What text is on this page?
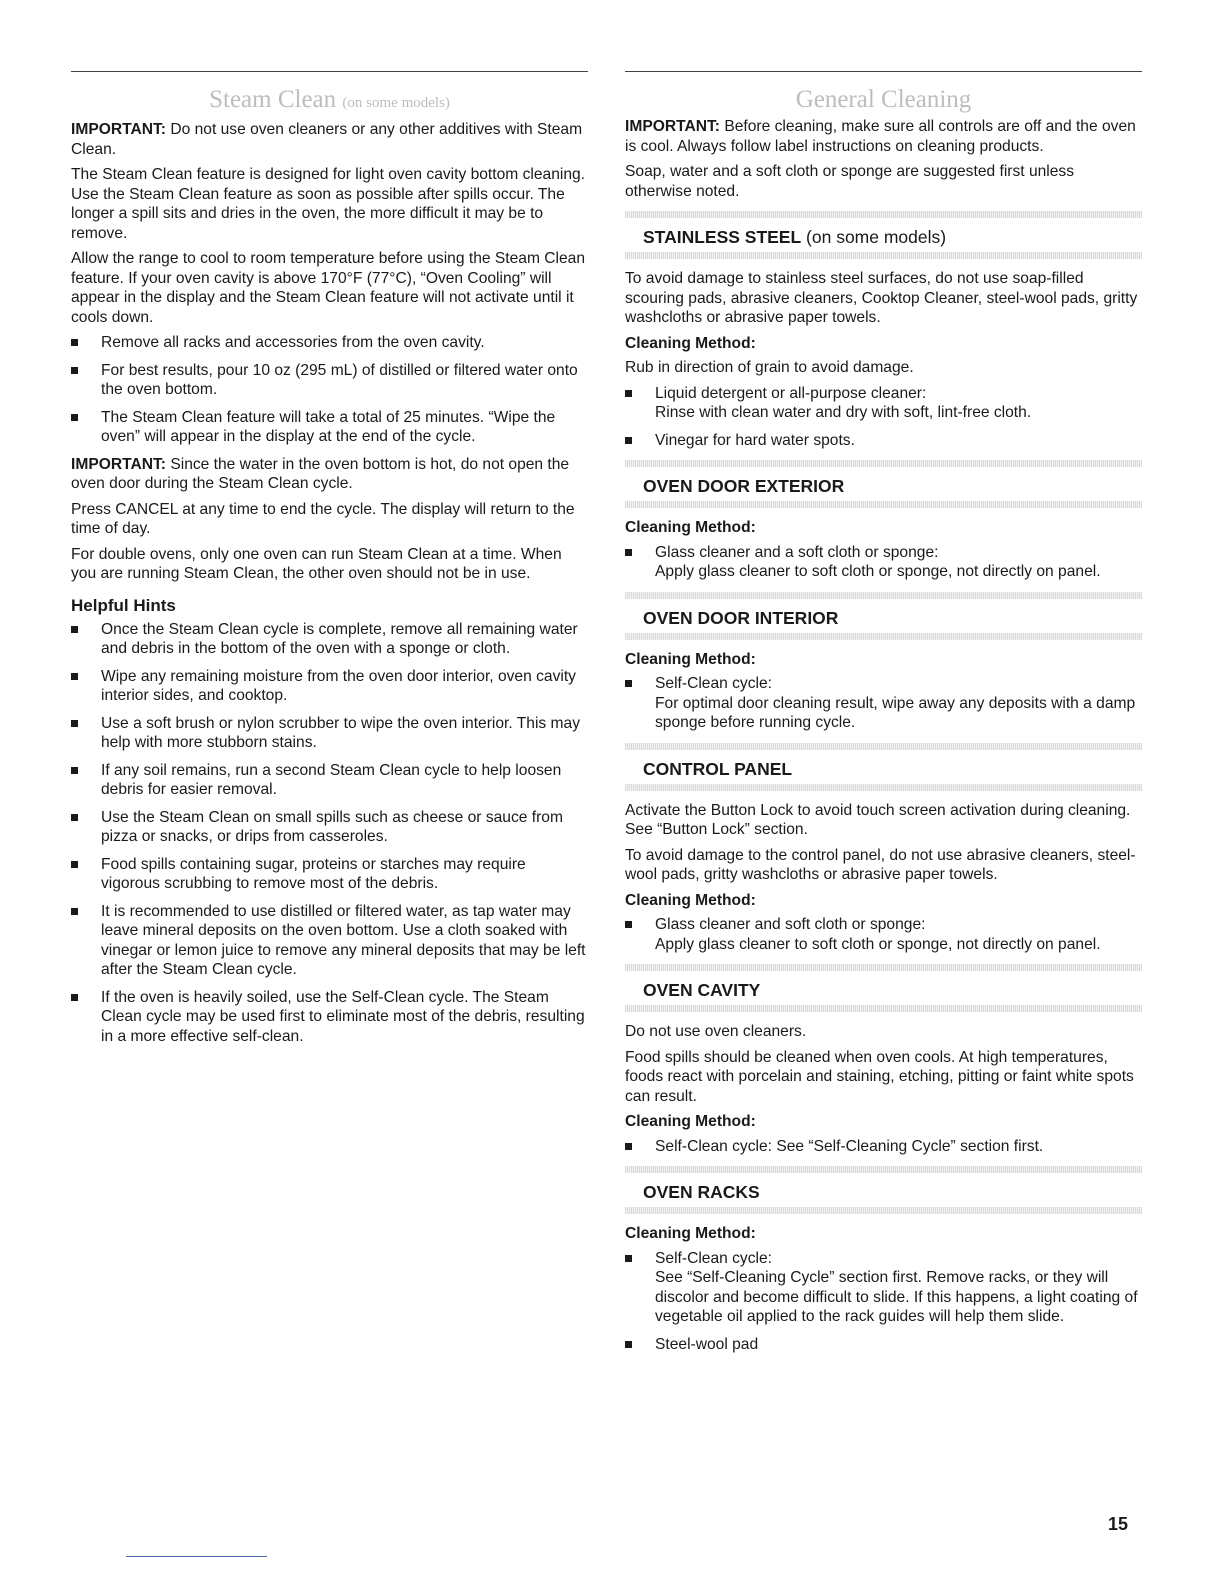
Steam Clean (on some models)

IMPORTANT: Do not use oven cleaners or any other additives with Steam Clean.

The Steam Clean feature is designed for light oven cavity bottom cleaning. Use the Steam Clean feature as soon as possible after spills occur. The longer a spill sits and dries in the oven, the more difficult it may be to remove.

Allow the range to cool to room temperature before using the Steam Clean feature. If your oven cavity is above 170°F (77°C), “Oven Cooling” will appear in the display and the Steam Clean feature will not activate until it cools down.

Remove all racks and accessories from the oven cavity.
For best results, pour 10 oz (295 mL) of distilled or filtered water onto the oven bottom.
The Steam Clean feature will take a total of 25 minutes. “Wipe the oven” will appear in the display at the end of the cycle.

IMPORTANT: Since the water in the oven bottom is hot, do not open the oven door during the Steam Clean cycle.

Press CANCEL at any time to end the cycle. The display will return to the time of day.

For double ovens, only one oven can run Steam Clean at a time. When you are running Steam Clean, the other oven should not be in use.

Helpful Hints
Once the Steam Clean cycle is complete, remove all remaining water and debris in the bottom of the oven with a sponge or cloth.
Wipe any remaining moisture from the oven door interior, oven cavity interior sides, and cooktop.
Use a soft brush or nylon scrubber to wipe the oven interior. This may help with more stubborn stains.
If any soil remains, run a second Steam Clean cycle to help loosen debris for easier removal.
Use the Steam Clean on small spills such as cheese or sauce from pizza or snacks, or drips from casseroles.
Food spills containing sugar, proteins or starches may require vigorous scrubbing to remove most of the debris.
It is recommended to use distilled or filtered water, as tap water may leave mineral deposits on the oven bottom. Use a cloth soaked with vinegar or lemon juice to remove any mineral deposits that may be left after the Steam Clean cycle.
If the oven is heavily soiled, use the Self-Clean cycle. The Steam Clean cycle may be used first to eliminate most of the debris, resulting in a more effective self-clean.
General Cleaning

IMPORTANT: Before cleaning, make sure all controls are off and the oven is cool. Always follow label instructions on cleaning products.

Soap, water and a soft cloth or sponge are suggested first unless otherwise noted.

STAINLESS STEEL (on some models)

To avoid damage to stainless steel surfaces, do not use soap-filled scouring pads, abrasive cleaners, Cooktop Cleaner, steel-wool pads, gritty washcloths or abrasive paper towels.

Cleaning Method:

Rub in direction of grain to avoid damage.

Liquid detergent or all-purpose cleaner:
Rinse with clean water and dry with soft, lint-free cloth.
Vinegar for hard water spots.
OVEN DOOR EXTERIOR
Cleaning Method:
Glass cleaner and a soft cloth or sponge:
Apply glass cleaner to soft cloth or sponge, not directly on panel.
OVEN DOOR INTERIOR
Cleaning Method:
Self-Clean cycle:
For optimal door cleaning result, wipe away any deposits with a damp sponge before running cycle.
CONTROL PANEL

Activate the Button Lock to avoid touch screen activation during cleaning. See “Button Lock” section.

To avoid damage to the control panel, do not use abrasive cleaners, steel-wool pads, gritty washcloths or abrasive paper towels.

Cleaning Method:
Glass cleaner and soft cloth or sponge:
Apply glass cleaner to soft cloth or sponge, not directly on panel.
OVEN CAVITY

Do not use oven cleaners.

Food spills should be cleaned when oven cools. At high temperatures, foods react with porcelain and staining, etching, pitting or faint white spots can result.

Cleaning Method:
Self-Clean cycle: See “Self-Cleaning Cycle” section first.
OVEN RACKS
Cleaning Method:
Self-Clean cycle:
See “Self-Cleaning Cycle” section first. Remove racks, or they will discolor and become difficult to slide. If this happens, a light coating of vegetable oil applied to the rack guides will help them slide.
Steel-wool pad
15
